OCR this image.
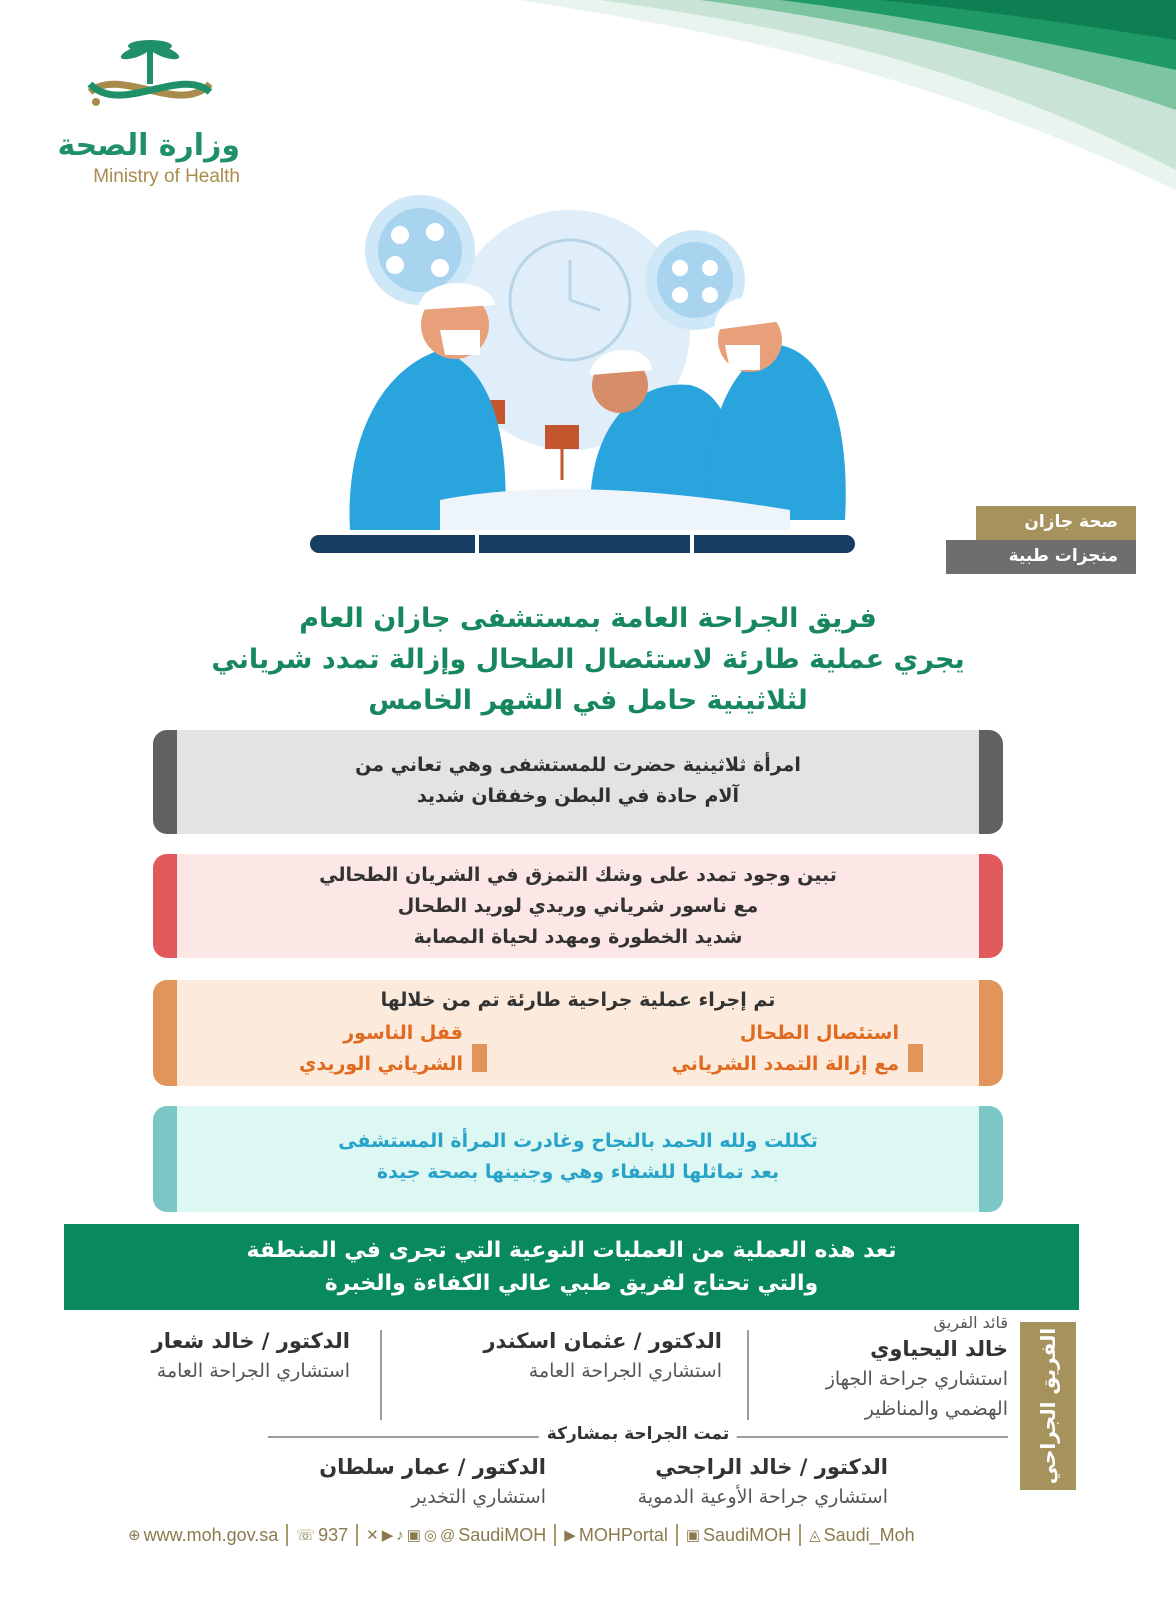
وزارة الصحة
Ministry of Health
صحة جازان
منجزات طبية
فريق الجراحة العامة بمستشفى جازان العام
يجري عملية طارئة لاستئصال الطحال وإزالة تمدد شرياني
لثلاثينية حامل في الشهر الخامس
امرأة ثلاثينية حضرت للمستشفى وهي تعاني من
آلام حادة في البطن وخفقان شديد
تبين وجود تمدد على وشك التمزق في الشريان الطحالي
مع ناسور شرياني وريدي لوريد الطحال
شديد الخطورة ومهدد لحياة المصابة
تم إجراء عملية جراحية طارئة تم من خلالها
استئصال الطحال
مع إزالة التمدد الشرياني
قفل الناسور
الشرياني الوريدي
تكللت ولله الحمد بالنجاح وغادرت المرأة المستشفى
بعد تماثلها للشفاء وهي وجنينها بصحة جيدة
تعد هذه العملية من العمليات النوعية التي تجرى في المنطقة
والتي تحتاج لفريق طبي عالي الكفاءة والخبرة
الفريق الجراحي
قائد الفريق
خالد اليحياوي
استشاري جراحة الجهاز
الهضمي والمناظير
الدكتور / عثمان اسكندر
استشاري الجراحة العامة
الدكتور / خالد شعار
استشاري الجراحة العامة
تمت الجراحة بمشاركة
الدكتور / خالد الراجحي
استشاري جراحة الأوعية الدموية
الدكتور / عمار سلطان
استشاري التخدير
⊕ www.moh.gov.sa ☏ 937 ✕ ▶ ♪ ▣ ◎ @ SaudiMOH ▶ MOHPortal ▣ SaudiMOH ◬ Saudi_Moh
